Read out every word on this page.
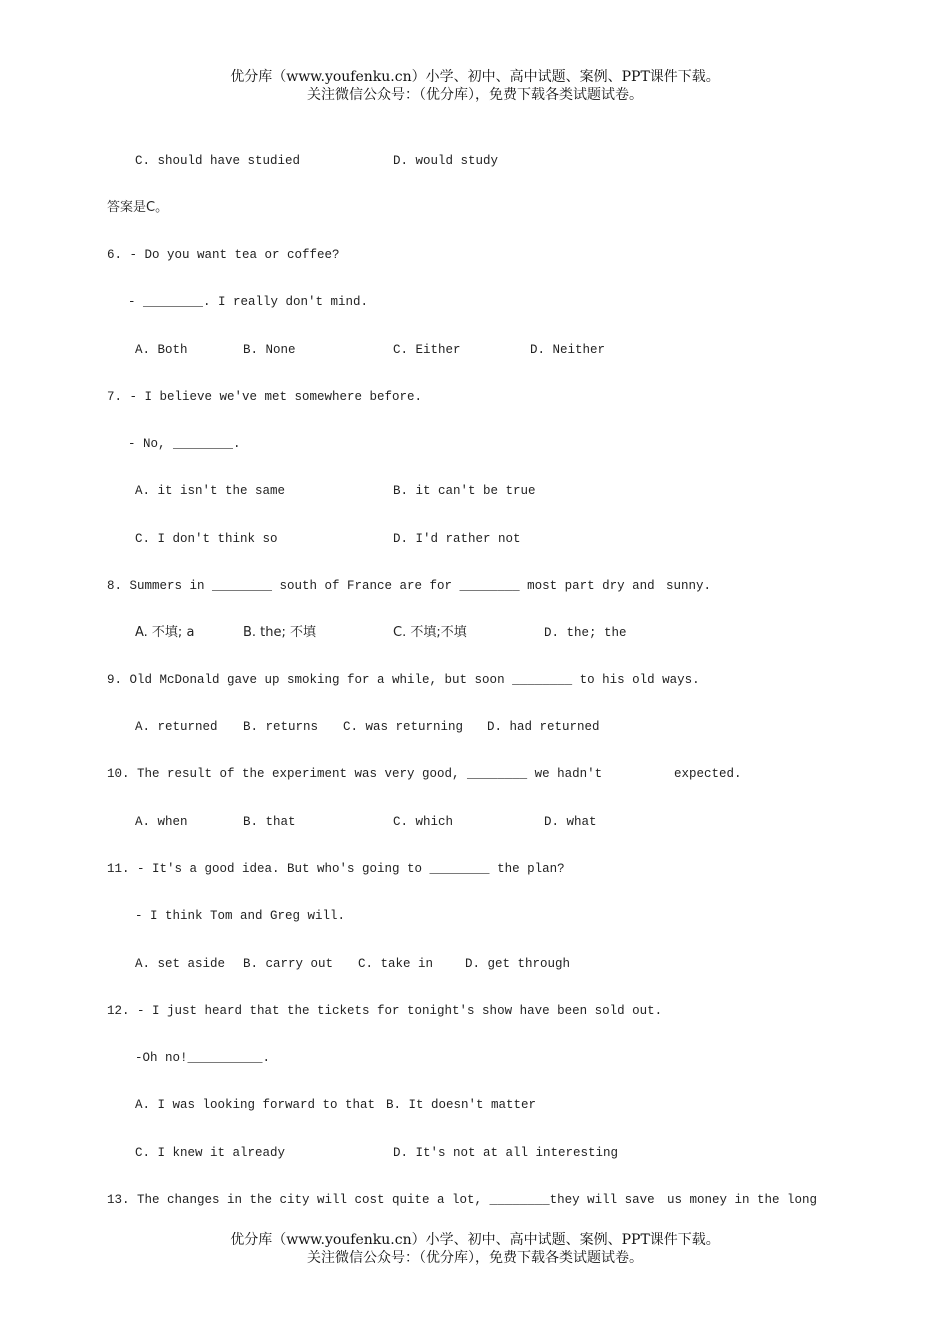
优分库（www.youfenku.cn）小学、初中、高中试题、案例、PPT课件下载。
关注微信公众号：（优分库），免费下载各类试题试卷。
C. should have studied	D. would study
答案是C。
6. - Do you want tea or coffee?
- ________. I really don't mind.
A. Both	B. None	C. Either	D. Neither
7. - I believe we've met somewhere before.
- No, ________.
A. it isn't the same	B. it can't be true
C. I don't think so	D. I'd rather not
8. Summers in ________ south of France are for ________ most part dry and sunny.
A. 不填; a	B. the; 不填	C. 不填;不填	D. the; the
9. Old McDonald gave up smoking for a while, but soon ________ to his old ways.
A. returned B. returns C. was returning D. had returned
10. The result of the experiment was very good, ________ we hadn't	expected.
A. when	B. that	C. which	D. what
11. - It's a good idea. But who's going to ________ the plan?
- I think Tom and Greg will.
A. set aside B. carry out C. take in	D. get through
12. - I just heard that the tickets for tonight's show have been sold out.
-Oh no!__________.
A. I was looking forward to that B. It doesn't matter
C. I knew it already	D. It's not at all interesting
13. The changes in the city will cost quite a lot, ________they will save us money in the long
优分库（www.youfenku.cn）小学、初中、高中试题、案例、PPT课件下载。
关注微信公众号：（优分库），免费下载各类试题试卷。
